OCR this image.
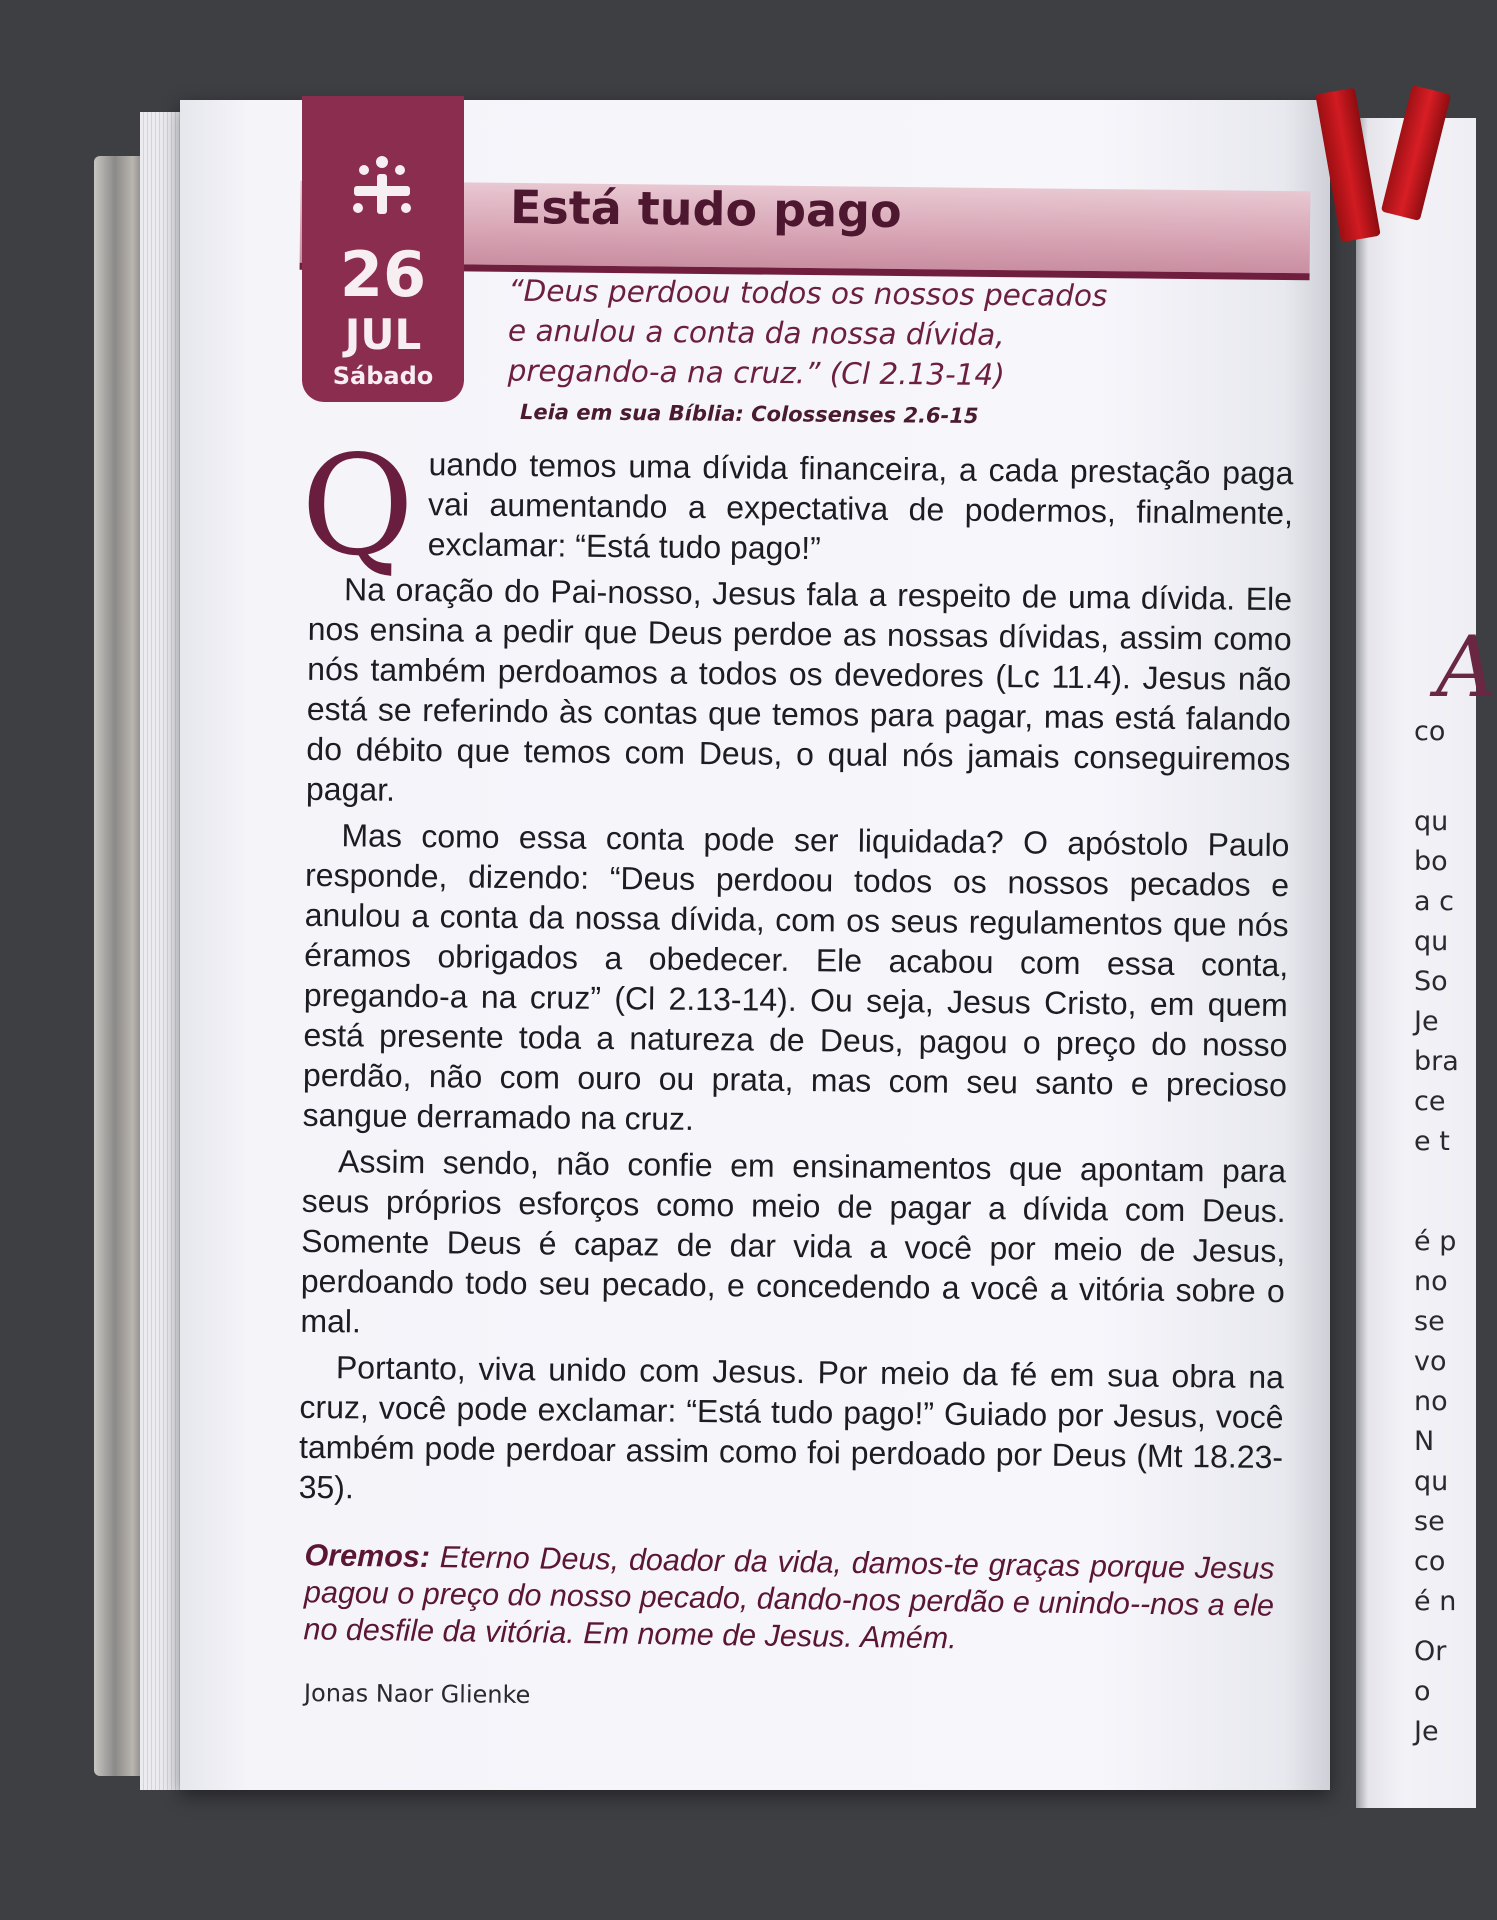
A
co
qu
bo
a c
qu
So
Je
bra
ce
e t
é p
no
se
vo
no
N
qu
se
co
é n
Or
o
Je
Está tudo pago
26
JUL
Sábado
“Deus perdoou todos os nossos pecados
e anulou a conta da nossa dívida,
pregando-a na cruz.” (Cl 2.13-14)
Leia em sua Bíblia: Colossenses 2.6-15

Quando temos uma dívida financeira, a cada prestação paga vai aumentando a expectativa de podermos, finalmente, exclamar: “Está tudo pago!”

Na oração do Pai-nosso, Jesus fala a respeito de uma dívida. Ele nos ensina a pedir que Deus perdoe as nossas dívidas, assim como nós também perdoamos a todos os devedores (Lc 11.4). Jesus não está se referindo às contas que temos para pagar, mas está falando do débito que temos com Deus, o qual nós jamais conseguiremos pagar.

Mas como essa conta pode ser liquidada? O apóstolo Paulo responde, dizendo: “Deus perdoou todos os nossos pecados e anulou a conta da nossa dívida, com os seus regulamentos que nós éramos obrigados a obedecer. Ele acabou com essa conta, pregando-a na cruz” (Cl 2.13-14). Ou seja, Jesus Cristo, em quem está presente toda a natureza de Deus, pagou o preço do nosso perdão, não com ouro ou prata, mas com seu santo e precioso sangue derramado na cruz.

Assim sendo, não confie em ensinamentos que apontam para seus próprios esforços como meio de pagar a dívida com Deus. Somente Deus é capaz de dar vida a você por meio de Jesus, perdoando todo seu pecado, e concedendo a você a vitória sobre o mal.

Portanto, viva unido com Jesus. Por meio da fé em sua obra na cruz, você pode exclamar: “Está tudo pago!” Guiado por Jesus, você também pode perdoar assim como foi perdoado por Deus (Mt 18.23-35).

Oremos: Eterno Deus, doador da vida, damos-te graças porque Jesus pagou o preço do nosso pecado, dando-nos perdão e unindo--nos a ele no desfile da vitória. Em nome de Jesus. Amém.
Jonas Naor Glienke
